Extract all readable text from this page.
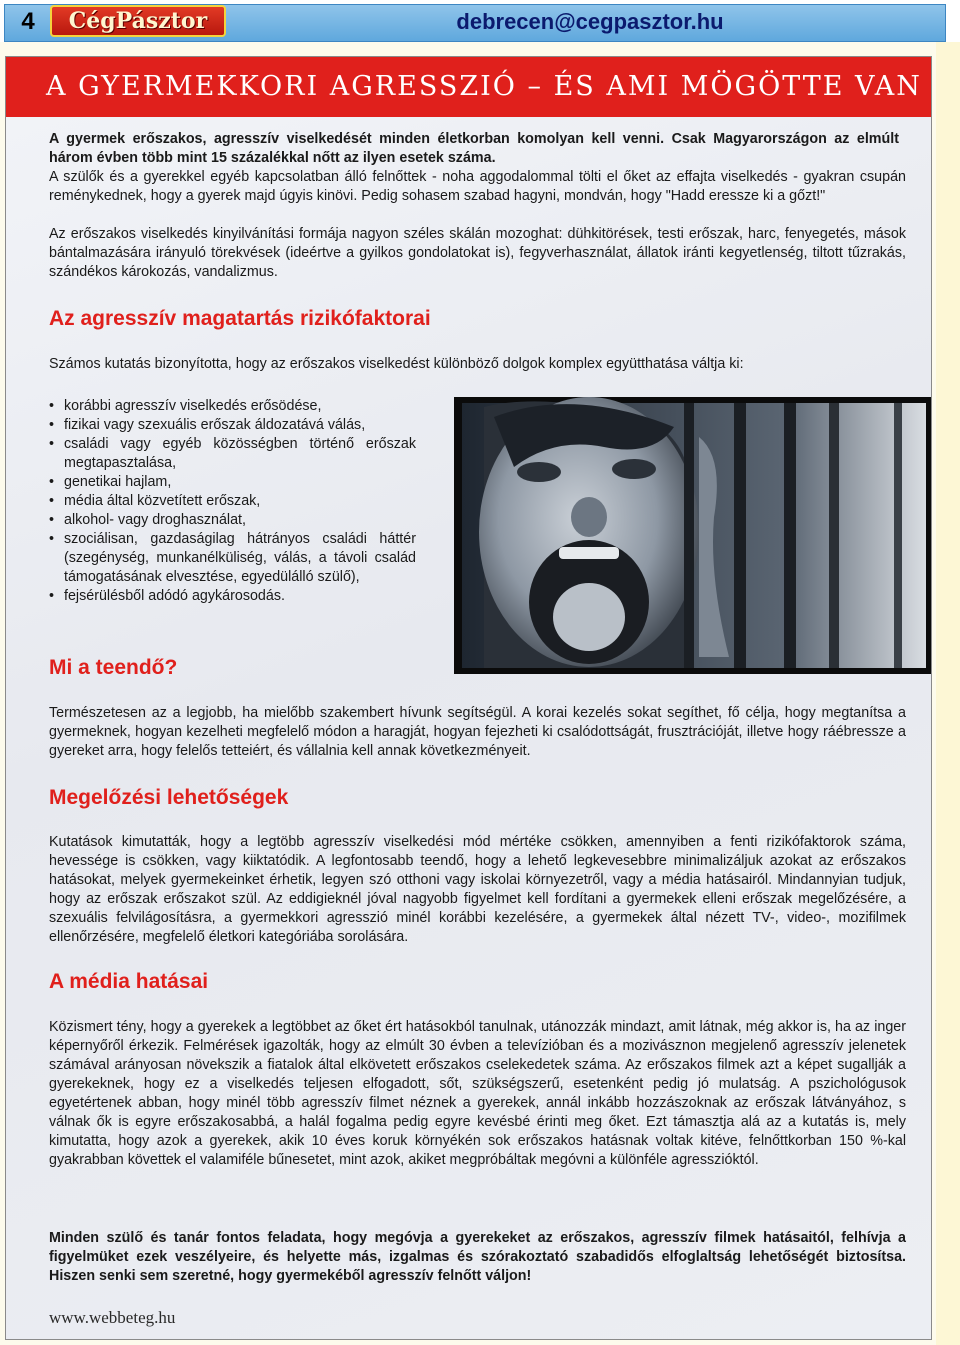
4	CégPásztor	debrecen@cegpasztor.hu
A GYERMEKKORI AGRESSZIÓ – ÉS AMI MÖGÖTTE VAN
A gyermek erőszakos, agresszív viselkedését minden életkorban komolyan kell venni. Csak Magyarországon az elmúlt három évben több mint 15 százalékkal nőtt az ilyen esetek száma.
A szülők és a gyerekkel egyéb kapcsolatban álló felnőttek - noha aggodalommal tölti el őket az effajta viselkedés - gyakran csupán reménykednek, hogy a gyerek majd úgyis kinövi. Pedig sohasem szabad hagyni, mondván, hogy "Hadd eressze ki a gőzt!"
Az erőszakos viselkedés kinyilvánítási formája nagyon széles skálán mozoghat: dühkitörések, testi erőszak, harc, fenyegetés, mások bántalmazására irányuló törekvések (ideértve a gyilkos gondolatokat is), fegyverhasználat, állatok iránti kegyetlenség, tiltott tűzrakás, szándékos károkozás, vandalizmus.
Az agresszív magatartás rizikófaktorai
Számos kutatás bizonyította, hogy az erőszakos viselkedést különböző dolgok komplex együtthatása váltja ki:
• korábbi agresszív viselkedés erősödése,
• fizikai vagy szexuális erőszak áldozatává válás,
• családi vagy egyéb közösségben történő erőszak megtapasztalása,
• genetikai hajlam,
• média által közvetített erőszak,
• alkohol- vagy droghasználat,
• szociálisan, gazdaságilag hátrányos családi háttér (szegénység, munkanélküliség, válás, a távoli család támogatásának elvesztése, egyedülálló szülő),
• fejsérülésből adódó agykárosodás.
Mi a teendő?
Természetesen az a legjobb, ha mielőbb szakembert hívunk segítségül. A korai kezelés sokat segíthet, fő célja, hogy megtanítsa a gyermeknek, hogyan kezelheti megfelelő módon a haragját, hogyan fejezheti ki csalódottságát, frusztrációját, illetve hogy ráébressze a gyereket arra, hogy felelős tetteiért, és vállalnia kell annak következményeit.
Megelőzési lehetőségek
Kutatások kimutatták, hogy a legtöbb agresszív viselkedési mód mértéke csökken, amennyiben a fenti rizikófaktorok száma, hevessége is csökken, vagy kiiktatódik. A legfontosabb teendő, hogy a lehető legkevesebbre minimalizáljuk azokat az erőszakos hatásokat, melyek gyermekeinket érhetik, legyen szó otthoni vagy iskolai környezetről, vagy a média hatásairól. Mindannyian tudjuk, hogy az erőszak erőszakot szül. Az eddigieknél jóval nagyobb figyelmet kell fordítani a gyermekek elleni erőszak megelőzésére, a szexuális felvilágosításra, a gyermekkori agresszió minél korábbi kezelésére, a gyermekek által nézett TV-, video-, mozifilmek ellenőrzésére, megfelelő életkori kategóriába sorolására.
A média hatásai
Közismert tény, hogy a gyerekek a legtöbbet az őket ért hatásokból tanulnak, utánozzák mindazt, amit látnak, még akkor is, ha az inger képernyőről érkezik. Felmérések igazolták, hogy az elmúlt 30 évben a televízióban és a mozivásznon megjelenő agresszív jelenetek számával arányosan növekszik a fiatalok által elkövetett erőszakos cselekedetek száma. Az erőszakos filmek azt a képet sugallják a gyerekeknek, hogy ez a viselkedés teljesen elfogadott, sőt, szükségszerű, esetenként pedig jó mulatság. A pszichológusok egyetértenek abban, hogy minél több agresszív filmet néznek a gyerekek, annál inkább hozzászoknak az erőszak látványához, s válnak ők is egyre erőszakosabbá, a halál fogalma pedig egyre kevésbé érinti meg őket. Ezt támasztja alá az a kutatás is, mely kimutatta, hogy azok a gyerekek, akik 10 éves koruk környékén sok erőszakos hatásnak voltak kitéve, felnőttkorban 150 %-kal gyakrabban követtek el valamiféle bűnesetet, mint azok, akiket megpróbáltak megóvni a különféle agresszióktól.
Minden szülő és tanár fontos feladata, hogy megóvja a gyerekeket az erőszakos, agresszív filmek hatásaitól, felhívja a figyelmüket ezek veszélyeire, és helyette más, izgalmas és szórakoztató szabadidős elfoglaltság lehetőségét biztosítsa. Hiszen senki sem szeretné, hogy gyermekéből agresszív felnőtt váljon!
www.webbeteg.hu
